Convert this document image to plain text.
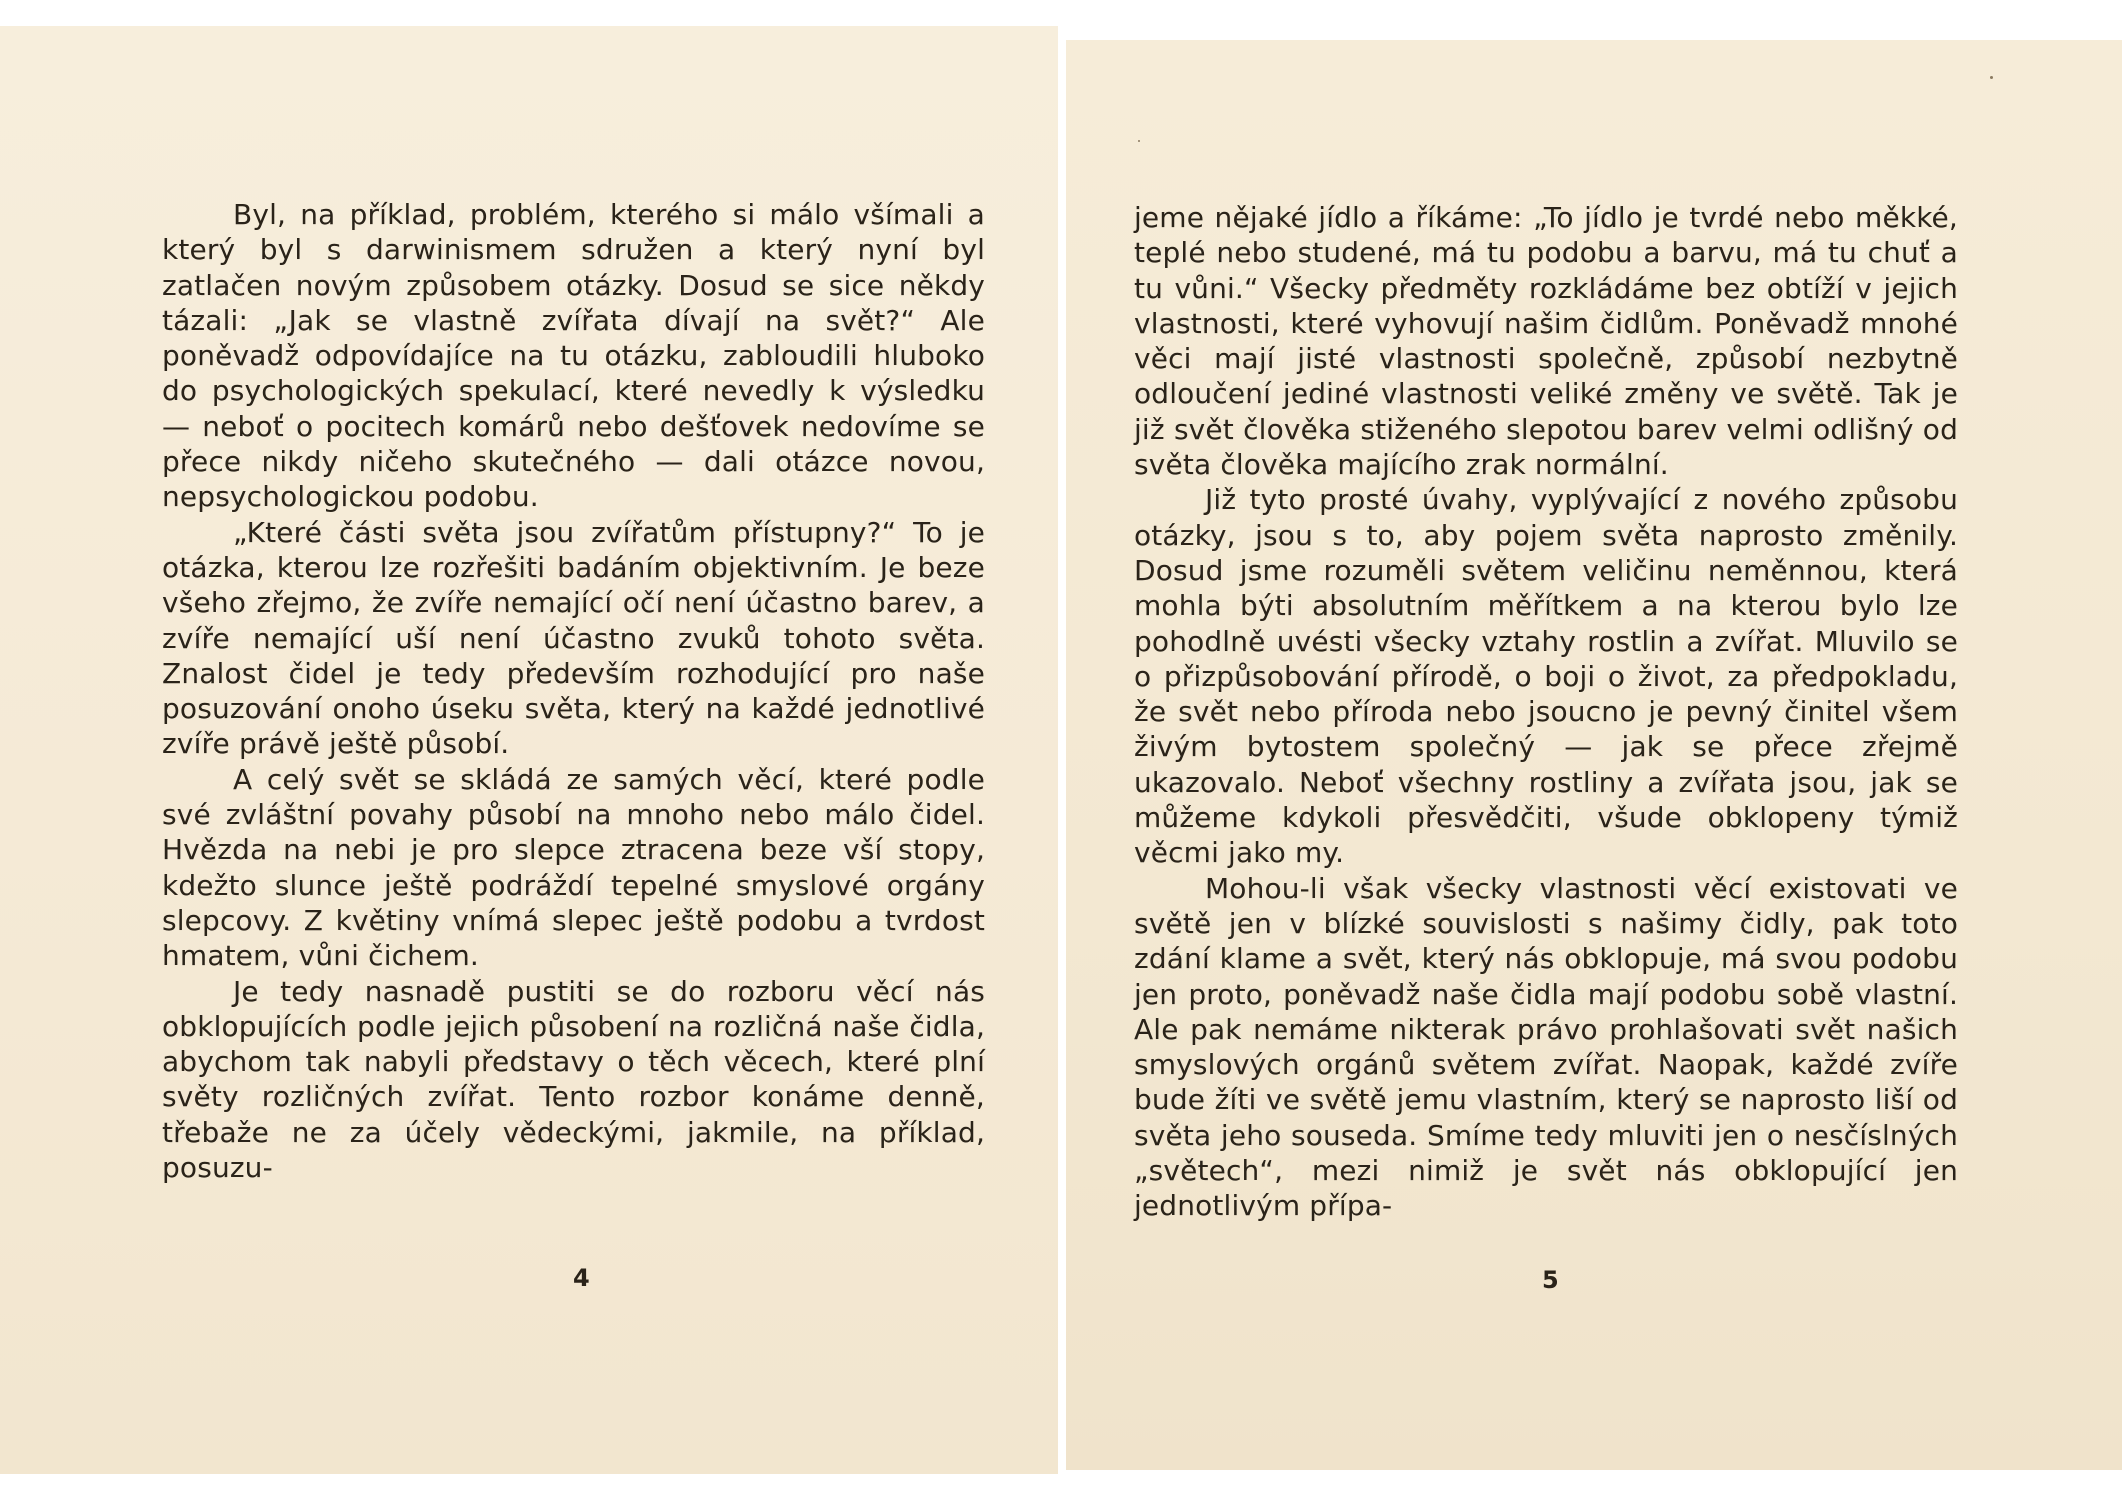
Byl, na příklad, problém, kterého si málo všímali a který byl s darwinismem sdružen a který nyní byl zatlačen novým způsobem otázky. Dosud se sice někdy tázali: „Jak se vlastně zvířata dívají na svět?“ Ale poněvadž odpovídajíce na tu otázku, zabloudili hluboko do psychologických spekulací, které nevedly k výsledku — neboť o pocitech komárů nebo dešťovek nedovíme se přece nikdy ničeho skutečného — dali otázce novou, nepsychologickou podobu.

„Které části světa jsou zvířatům přístupny?“ To je otázka, kterou lze rozřešiti badáním objektivním. Je beze všeho zřejmo, že zvíře nemající očí není účastno barev, a zvíře nemající uší není účastno zvuků tohoto světa. Znalost čidel je tedy především rozhodující pro naše posuzování onoho úseku světa, který na každé jednotlivé zvíře právě ještě působí.

A celý svět se skládá ze samých věcí, které podle své zvláštní povahy působí na mnoho nebo málo čidel. Hvězda na nebi je pro slepce ztracena beze vší stopy, kdežto slunce ještě podráždí tepelné smyslové orgány slepcovy. Z květiny vnímá slepec ještě podobu a tvrdost hmatem, vůni čichem.

Je tedy nasnadě pustiti se do rozboru věcí nás obklopujících podle jejich působení na rozličná naše čidla, abychom tak nabyli představy o těch věcech, které plní světy rozličných zvířat. Tento rozbor konáme denně, třebaže ne za účely vědeckými, jakmile, na příklad, posuzu-

4

jeme nějaké jídlo a říkáme: „To jídlo je tvrdé nebo měkké, teplé nebo studené, má tu podobu a barvu, má tu chuť a tu vůni.“ Všecky předměty rozkládáme bez obtíží v jejich vlastnosti, které vyhovují našim čidlům. Poněvadž mnohé věci mají jisté vlastnosti společně, způsobí nezbytně odloučení jediné vlastnosti veliké změny ve světě. Tak je již svět člověka stiženého slepotou barev velmi odlišný od světa člověka majícího zrak normální.

Již tyto prosté úvahy, vyplývající z nového způsobu otázky, jsou s to, aby pojem světa naprosto změnily. Dosud jsme rozuměli světem veličinu neměnnou, která mohla býti absolutním měřítkem a na kterou bylo lze pohodlně uvésti všecky vztahy rostlin a zvířat. Mluvilo se o přizpůsobování přírodě, o boji o život, za předpokladu, že svět nebo příroda nebo jsoucno je pevný činitel všem živým bytostem společný — jak se přece zřejmě ukazovalo. Neboť všechny rostliny a zvířata jsou, jak se můžeme kdykoli přesvědčiti, všude obklopeny týmiž věcmi jako my.

Mohou-li však všecky vlastnosti věcí existovati ve světě jen v blízké souvislosti s našimy čidly, pak toto zdání klame a svět, který nás obklopuje, má svou podobu jen proto, poněvadž naše čidla mají podobu sobě vlastní. Ale pak nemáme nikterak právo prohlašovati svět našich smyslových orgánů světem zvířat. Naopak, každé zvíře bude žíti ve světě jemu vlastním, který se naprosto liší od světa jeho souseda. Smíme tedy mluviti jen o nesčíslných „světech“, mezi nimiž je svět nás obklopující jen jednotlivým přípa-

5
